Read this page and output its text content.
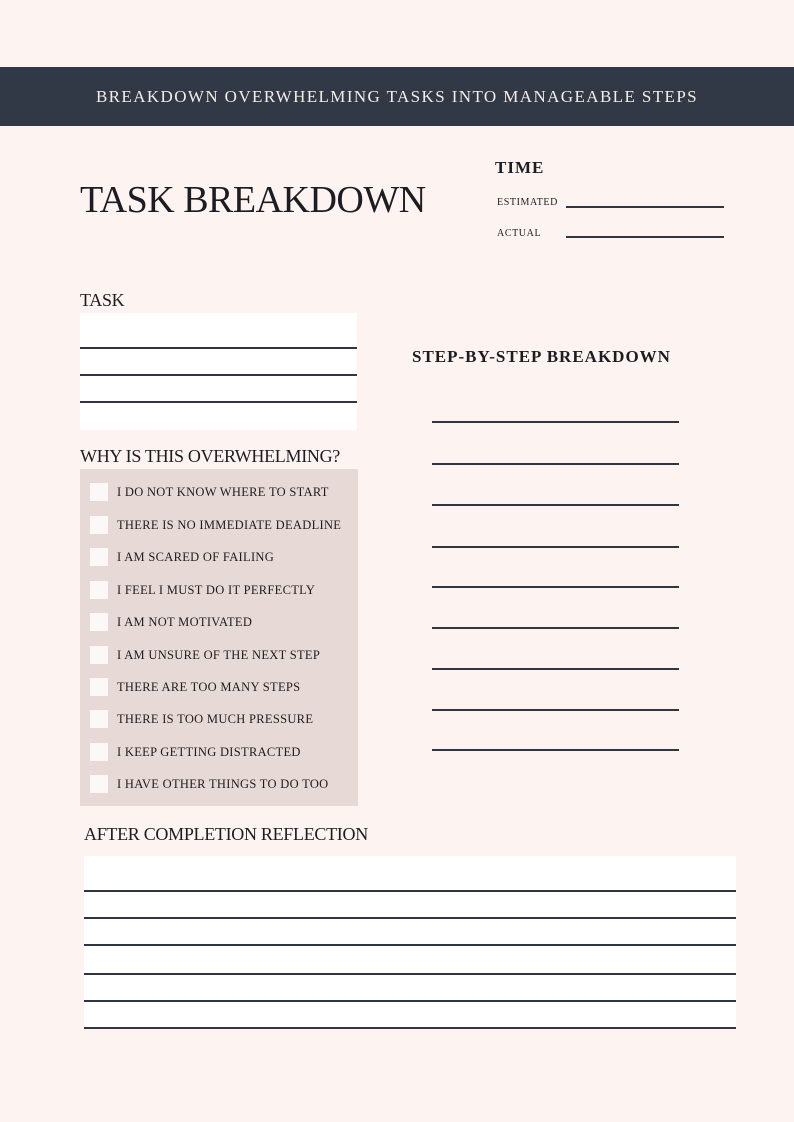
BREAKDOWN OVERWHELMING TASKS INTO MANAGEABLE STEPS
TASK BREAKDOWN
TIME
ESTIMATED
ACTUAL
TASK
WHY IS THIS OVERWHELMING?
I DO NOT KNOW WHERE TO START
THERE IS NO IMMEDIATE DEADLINE
I AM SCARED OF FAILING
I FEEL I MUST DO IT PERFECTLY
I AM NOT MOTIVATED
I AM UNSURE OF THE NEXT STEP
THERE ARE TOO MANY STEPS
THERE IS TOO MUCH PRESSURE
I KEEP GETTING DISTRACTED
I HAVE OTHER THINGS TO DO TOO
STEP-BY-STEP BREAKDOWN
AFTER COMPLETION REFLECTION
